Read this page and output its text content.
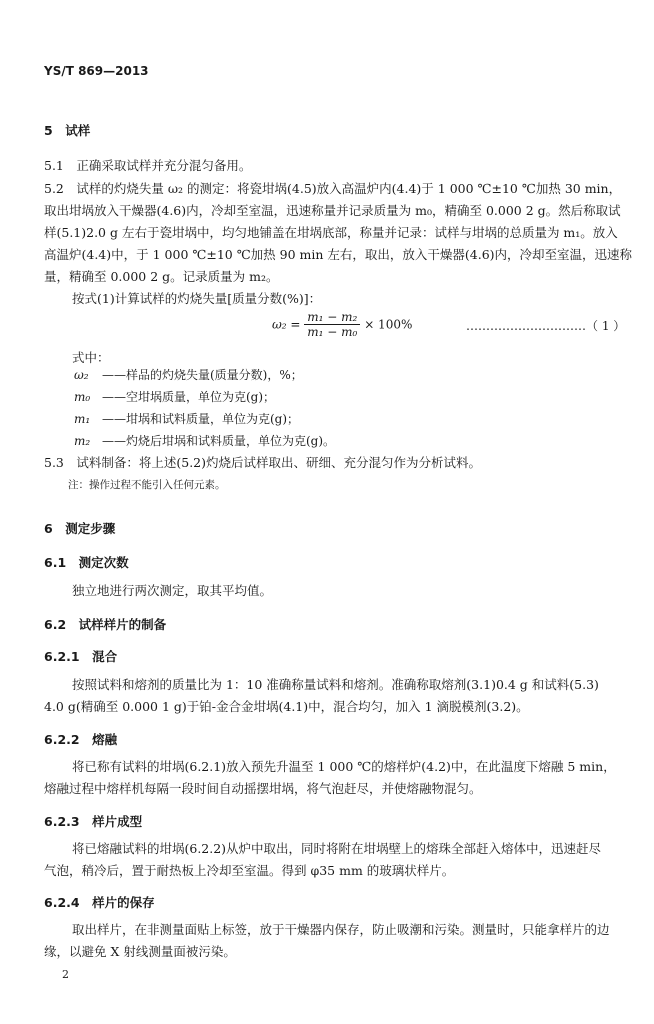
YS/T 869—2013
5　试样
5.1　正确采取试样并充分混匀备用。
5.2　试样的灼烧失量 ω₂ 的测定：将瓷坩埚(4.5)放入高温炉内(4.4)于 1 000 ℃±10 ℃加热 30 min，
取出坩埚放入干燥器(4.6)内，冷却至室温，迅速称量并记录质量为 m₀，精确至 0.000 2 g。然后称取试
样(5.1)2.0 g 左右于瓷坩埚中，均匀地铺盖在坩埚底部，称量并记录：试样与坩埚的总质量为 m₁。放入
高温炉(4.4)中，于 1 000 ℃±10 ℃加热 90 min 左右，取出，放入干燥器(4.6)内，冷却至室温，迅速称
量，精确至 0.000 2 g。记录质量为 m₂。
按式(1)计算试样的灼烧失量[质量分数(%)]：
$\omega_2 = \frac{\text{m₁ − m₂}}{\text{m₁ − m₀}} \times 100\%$	…………………………（ 1 ）
式中：
ω₂ ——样品的灼烧失量(质量分数)，%；
m₀ ——空坩埚质量，单位为克(g)；
m₁ ——坩埚和试料质量，单位为克(g)；
m₂ ——灼烧后坩埚和试料质量，单位为克(g)。
5.3　试料制备：将上述(5.2)灼烧后试样取出、研细、充分混匀作为分析试料。
注：操作过程不能引入任何元素。
6　测定步骤
6.1　测定次数
独立地进行两次测定，取其平均值。
6.2　试样样片的制备
6.2.1　混合
按照试料和熔剂的质量比为 1：10 准确称量试料和熔剂。准确称取熔剂(3.1)0.4 g 和试料(5.3)
4.0 g(精确至 0.000 1 g)于铂-金合金坩埚(4.1)中，混合均匀，加入 1 滴脱模剂(3.2)。
6.2.2　熔融
将已称有试料的坩埚(6.2.1)放入预先升温至 1 000 ℃的熔样炉(4.2)中，在此温度下熔融 5 min，
熔融过程中熔样机每隔一段时间自动摇摆坩埚，将气泡赶尽，并使熔融物混匀。
6.2.3　样片成型
将已熔融试料的坩埚(6.2.2)从炉中取出，同时将附在坩埚壁上的熔珠全部赶入熔体中，迅速赶尽
气泡，稍冷后，置于耐热板上冷却至室温。得到 φ35 mm 的玻璃状样片。
6.2.4　样片的保存
取出样片，在非测量面贴上标签，放于干燥器内保存，防止吸潮和污染。测量时，只能拿样片的边
缘，以避免 X 射线测量面被污染。
2
